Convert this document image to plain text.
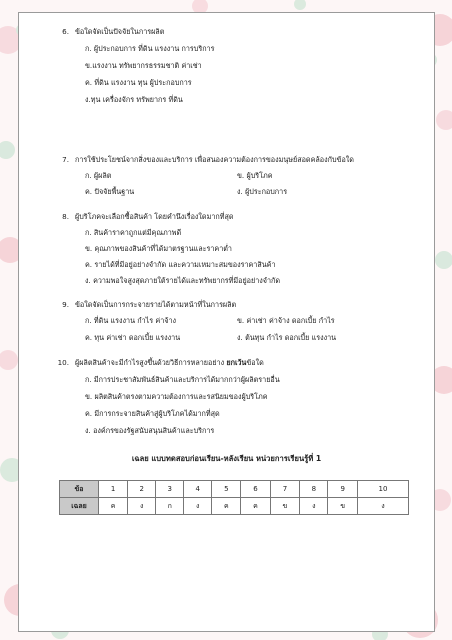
6. ข้อใดจัดเป็นปัจจัยในการผลิต
ก. ผู้ประกอบการ ที่ดิน แรงงาน การบริการ
ข.แรงงาน ทรัพยากรธรรมชาติ ค่าเช่า
ค. ที่ดิน แรงงาน ทุน ผู้ประกอบการ
ง.ทุน เครื่องจักร ทรัพยากร ที่ดิน
7. การใช้ประโยชน์จากสิ่งของและบริการ เพื่อสนองความต้องการของมนุษย์สอดคล้องกับข้อใด
ก. ผู้ผลิต	ข. ผู้บริโภค
ค. ปัจจัยพื้นฐาน	ง. ผู้ประกอบการ
8. ผู้บริโภคจะเลือกซื้อสินค้า โดยคำนึงเรื่องใดมากที่สุด
ก. สินค้าราคาถูกแต่มีคุณภาพดี
ข. คุณภาพของสินค้าที่ได้มาตรฐานและราคาต่ำ
ค. รายได้ที่มีอยู่อย่างจำกัด และความเหมาะสมของราคาสินค้า
ง. ความพอใจสูงสุดภายใต้รายได้และทรัพยากรที่มีอยู่อย่างจำกัด
9. ข้อใดจัดเป็นการกระจายรายได้ตามหน้าที่ในการผลิต
ก. ที่ดิน แรงงาน กำไร ค่าจ้าง	ข. ค่าเช่า ค่าจ้าง ดอกเบี้ย กำไร
ค. ทุน ค่าเช่า ดอกเบี้ย แรงงาน	ง. ต้นทุน กำไร ดอกเบี้ย แรงงาน
10. ผู้ผลิตสินค้าจะมีกำไรสูงขึ้นด้วยวิธีการหลายอย่าง ยกเว้นข้อใด
ก. มีการประชาสัมพันธ์สินค้าและบริการได้มากกว่าผู้ผลิตรายอื่น
ข. ผลิตสินค้าตรงตามความต้องการและรสนิยมของผู้บริโภค
ค. มีการกระจายสินค้าสู่ผู้บริโภคได้มากที่สุด
ง. องค์กรของรัฐสนับสนุนสินค้าและบริการ
เฉลย แบบทดสอบก่อนเรียน-หลังเรียน หน่วยการเรียนรู้ที่ 1
ข้อ	1	2	3	4	5	6	7	8	9	10
เฉลย	ค	ง	ก	ง	ค	ค	ข	ง	ข	ง
